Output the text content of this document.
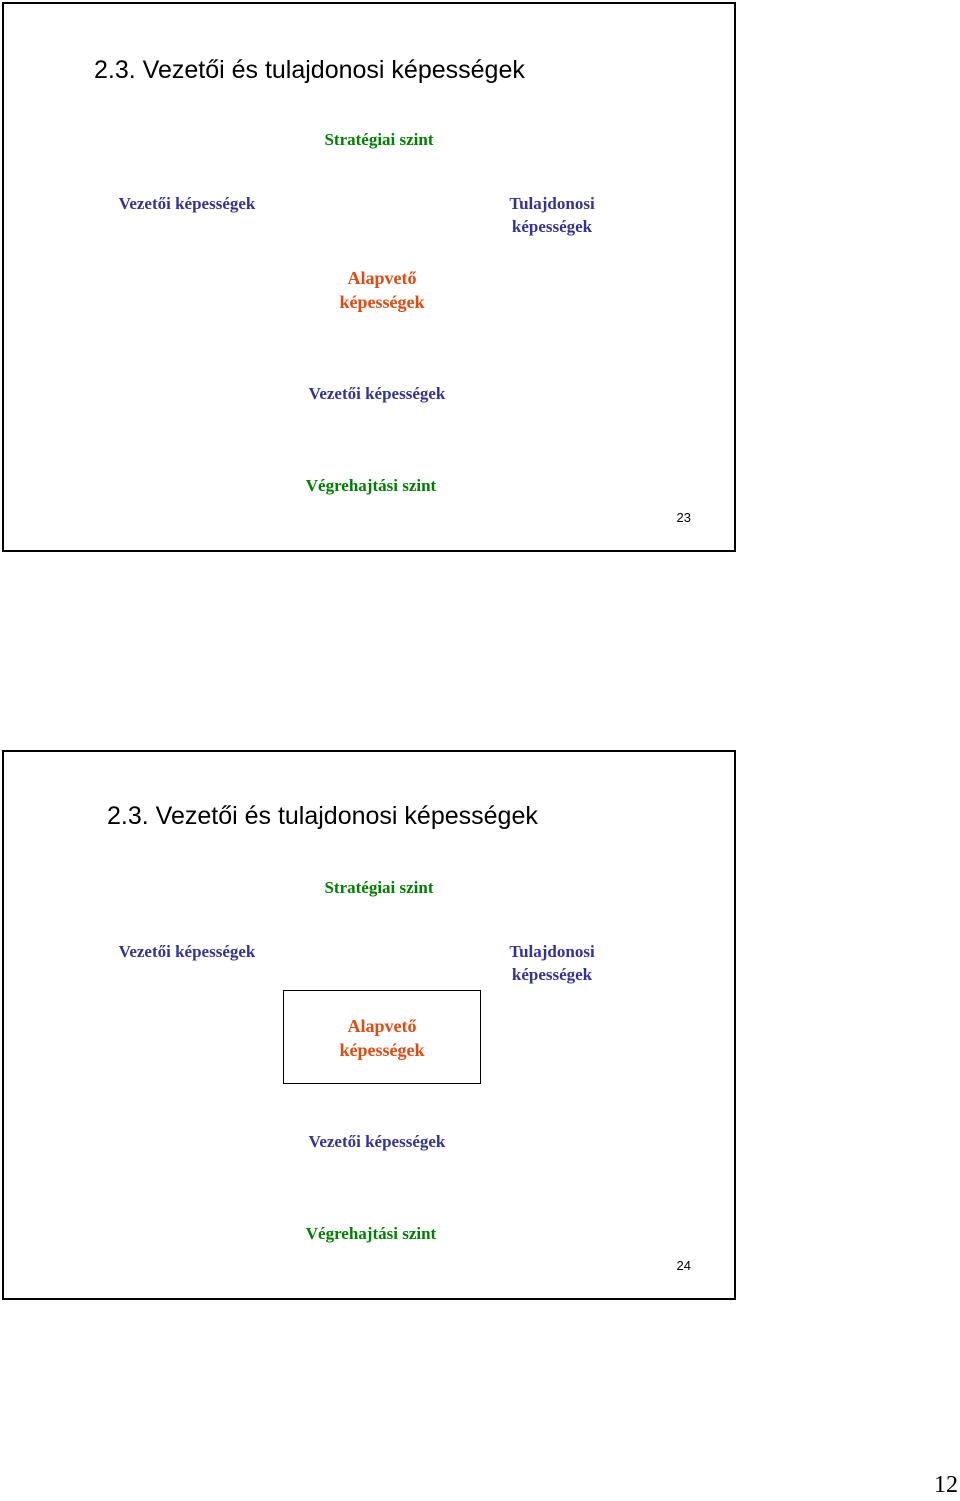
2.3. Vezetői és tulajdonosi képességek
Stratégiai szint
Vezetői képességek	Tulajdonosi
képességek
Alapvető
képességek
Vezetői képességek
Végrehajtási szint
23
2.3. Vezetői és tulajdonosi képességek
Stratégiai szint
Vezetői képességek	Tulajdonosi
képességek
Alapvető
képességek
Vezetői képességek
Végrehajtási szint
24
12
